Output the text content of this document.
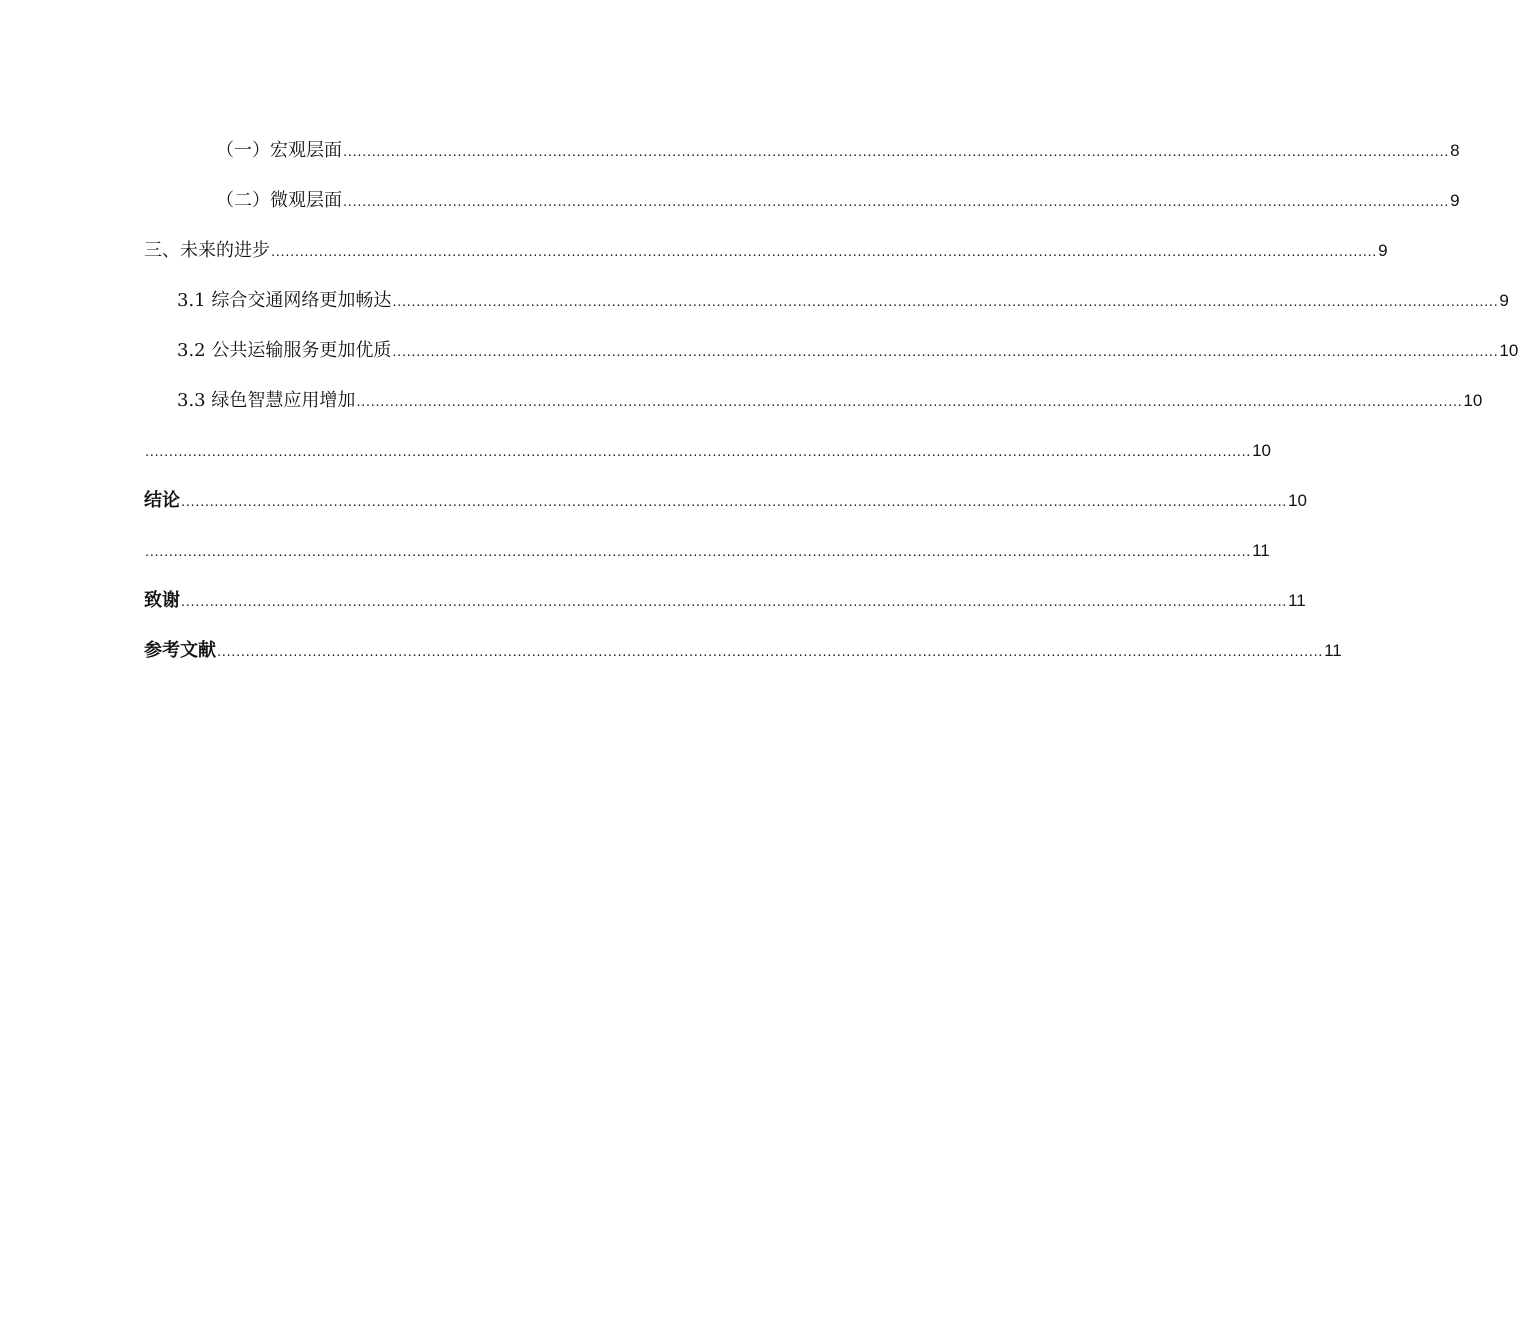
（一）宏观层面 ........................................................................................................................................................................................................................................ 8
（二）微观层面 ........................................................................................................................................................................................................................................ 9
三、 未来的进步 ........................................................................................................................................................................................................................................ 9
3.1 综合交通网络更加畅达 ........................................................................................................................................................................................................................................ 9
3.2 公共运输服务更加优质 ........................................................................................................................................................................................................................................ 10
3.3 绿色智慧应用增加 ........................................................................................................................................................................................................................................ 10
........................................................................................................................................................................................................................................ 10
结论 ........................................................................................................................................................................................................................................ 10
........................................................................................................................................................................................................................................ 11
致谢 ........................................................................................................................................................................................................................................ 11
参考文献 ........................................................................................................................................................................................................................................ 11
